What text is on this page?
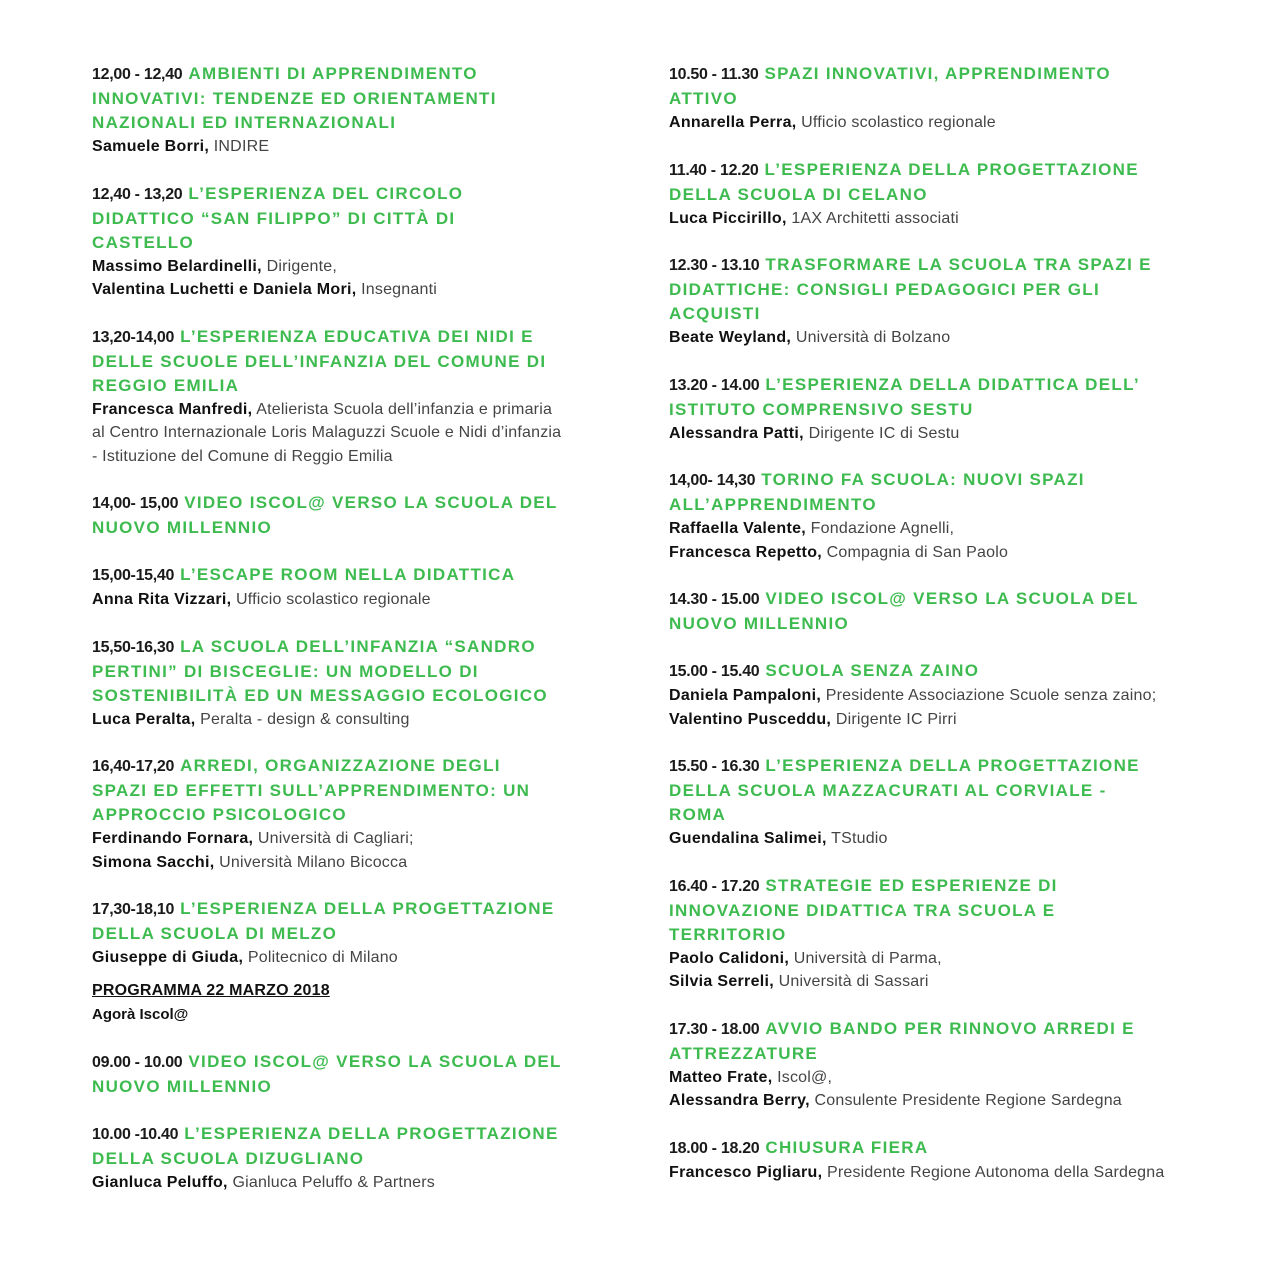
12,00 - 12,40 AMBIENTI DI APPRENDIMENTO INNOVATIVI: TENDENZE ED ORIENTAMENTI NAZIONALI ED INTERNAZIONALI

Samuele Borri, INDIRE

12,40 - 13,20 L’ESPERIENZA DEL CIRCOLO DIDATTICO “SAN FILIPPO” DI CITTÀ DI CASTELLO

Massimo Belardinelli, Dirigente,

Valentina Luchetti e Daniela Mori, Insegnanti

13,20-14,00 L’ESPERIENZA EDUCATIVA DEI NIDI E DELLE SCUOLE DELL’INFANZIA DEL COMUNE DI REGGIO EMILIA

Francesca Manfredi, Atelierista Scuola dell’infanzia e primaria al Centro Internazionale Loris Malaguzzi Scuole e Nidi d’infanzia - Istituzione del Comune di Reggio Emilia

14,00- 15,00 VIDEO ISCOL@ VERSO LA SCUOLA DEL NUOVO MILLENNIO

15,00-15,40 L’ESCAPE ROOM NELLA DIDATTICA

Anna Rita Vizzari, Ufficio scolastico regionale

15,50-16,30 LA SCUOLA DELL’INFANZIA “SANDRO PERTINI” DI BISCEGLIE: UN MODELLO DI SOSTENIBILITÀ ED UN MESSAGGIO ECOLOGICO

Luca Peralta, Peralta - design & consulting

16,40-17,20 ARREDI, ORGANIZZAZIONE DEGLI SPAZI ED EFFETTI SULL’APPRENDIMENTO: UN APPROCCIO PSICOLOGICO

Ferdinando Fornara, Università di Cagliari;

Simona Sacchi, Università Milano Bicocca

17,30-18,10 L’ESPERIENZA DELLA PROGETTAZIONE DELLA SCUOLA DI MELZO

Giuseppe di Giuda, Politecnico di Milano

PROGRAMMA 22 MARZO 2018

Agorà Iscol@

09.00 - 10.00 VIDEO ISCOL@ VERSO LA SCUOLA DEL NUOVO MILLENNIO

10.00 -10.40 L’ESPERIENZA DELLA PROGETTAZIONE DELLA SCUOLA DIZUGLIANO

Gianluca Peluffo, Gianluca Peluffo & Partners

10.50 - 11.30 SPAZI INNOVATIVI, APPRENDIMENTO ATTIVO

Annarella Perra, Ufficio scolastico regionale

11.40 - 12.20 L’ESPERIENZA DELLA PROGETTAZIONE DELLA SCUOLA DI CELANO

Luca Piccirillo, 1AX Architetti associati

12.30 - 13.10 TRASFORMARE LA SCUOLA TRA SPAZI E DIDATTICHE: CONSIGLI PEDAGOGICI PER GLI ACQUISTI

Beate Weyland, Università di Bolzano

13.20 - 14.00 L’ESPERIENZA DELLA DIDATTICA DELL’ ISTITUTO COMPRENSIVO SESTU

Alessandra Patti, Dirigente IC di Sestu

14,00- 14,30 TORINO FA SCUOLA: NUOVI SPAZI ALL’APPRENDIMENTO

Raffaella Valente, Fondazione Agnelli,

Francesca Repetto, Compagnia di San Paolo

14.30 - 15.00 VIDEO ISCOL@ VERSO LA SCUOLA DEL NUOVO MILLENNIO

15.00 - 15.40 SCUOLA SENZA ZAINO

Daniela Pampaloni, Presidente Associazione Scuole senza zaino;

Valentino Pusceddu, Dirigente IC Pirri

15.50 - 16.30 L’ESPERIENZA DELLA PROGETTAZIONE DELLA SCUOLA MAZZACURATI AL CORVIALE - ROMA

Guendalina Salimei, TStudio

16.40 - 17.20 STRATEGIE ED ESPERIENZE DI INNOVAZIONE DIDATTICA TRA SCUOLA E TERRITORIO

Paolo Calidoni, Università di Parma,

Silvia Serreli, Università di Sassari

17.30 - 18.00 AVVIO BANDO PER RINNOVO ARREDI E ATTREZZATURE

Matteo Frate, Iscol@,

Alessandra Berry, Consulente Presidente Regione Sardegna

18.00 - 18.20 CHIUSURA FIERA

Francesco Pigliaru, Presidente Regione Autonoma della Sardegna
